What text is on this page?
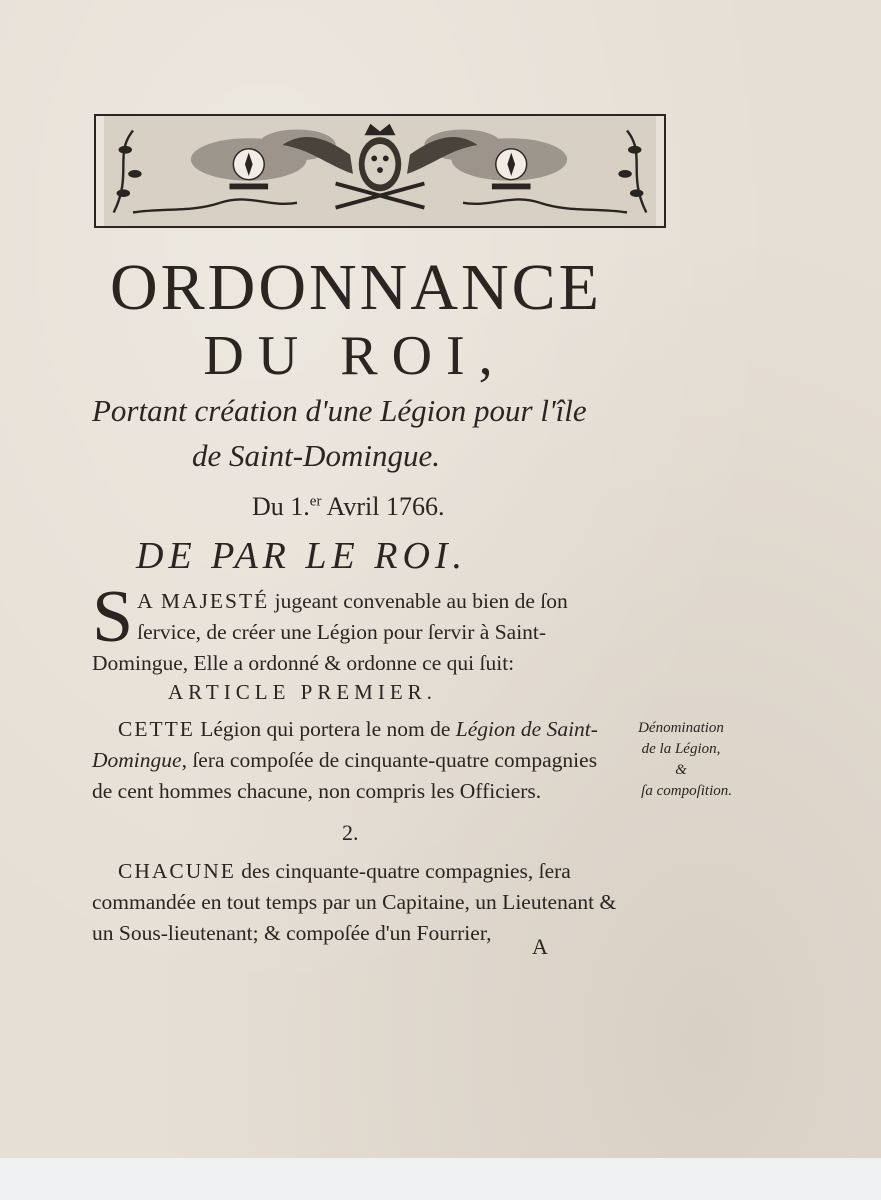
ORDONNANCE
DU ROI,
Portant création d'une Légion pour l'île
de Saint-Domingue.
Du 1.$^{er}$ Avril 1766.
DE PAR LE ROI.
S A MAJESTÉ jugeant convenable au bien de ſon ſervice, de créer une Légion pour ſervir à Saint-Domingue, Elle a ordonné & ordonne ce qui ſuit:
ARTICLE PREMIER.
CETTE Légion qui portera le nom de Légion de Saint-Domingue, ſera compoſée de cinquante-quatre compagnies de cent hommes chacune, non compris les Officiers.
Dénomination
de la Légion,
&
ſa compoſition.
2.
CHACUNE des cinquante-quatre compagnies, ſera commandée en tout temps par un Capitaine, un Lieutenant & un Sous-lieutenant; & compoſée d'un Fourrier,
A
